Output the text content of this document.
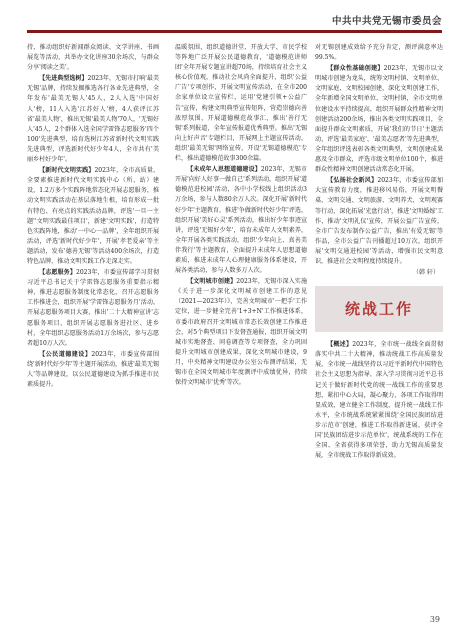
中共中共党无锡市委员会

持，推动组织好新闻群众阅读、文学讲座、书画展览等活动，共举办文化讲座30余场次，与群众分享'阅读之美'。

【先进典型选树】2023年，无锡市打响'最美无锡'品牌，持续发掘推选各行各业先进典型，全年发布'最美无锡人'45人，2人入选'中国好人'榜，11人入选'江苏好人'榜，4人获评江苏省'最美人物'，推出无锡'最美人物'70人，'无锡好人'45人，2个群体入选全国学雷锋志愿服务'四个100'先进典型，培育选树江苏省新时代文明实践先进典型，评选新时代好少年4人，全市共有'美丽乡村好少年'。

【新时代文明实践】2023年，全市高质量、全要素推进新时代文明实践中心（所、站）建设，1.2万多个实践阵地常态化开展志愿服务，推动文明实践活动在基层落地生根，培育形成一批有特色、有亮点的实践活动品牌，评选'一旦一主题''文明实践最佳项目'，新建'文明实践'，打造特色实践阵地，推动'一中心一品牌'，全年组织开展活动，评选'新时代好少年'，开展'孝老爱亲'等主题活动，发布'德善无锡'等活动400余场次，打造特色品牌，推动文明实践工作走深走实。

【志愿服务】2023年，市委宣传部学习贯彻习近平总书记关于学雷锋志愿服务重要指示精神，推进志愿服务制度化常态化，召开志愿服务工作推进会，组织开展'学雷锋志愿服务月'活动，开展志愿服务项目大赛，推出'二十大精神宣讲'志愿服务项目，组织开展志愿服务进社区、进乡村，全年组织志愿服务活动1万余场次，参与志愿者超10万人次。

【公民道德建设】2023年，市委宣传部围绕'新时代好少年'等主题开展活动，推进'最美无锡人'等品牌建设，以公民道德建设为抓手推进市民素质提升。

温暖氛围，组织道德讲堂、开放大学、市民学校等阵地广泛开展公民道德教育，'道德模范讲师团'全年开展专题宣讲超70场，持续培育社会主义核心价值观，推动社会风尚全面提升，组织'公益广告'专项创作，开展文明宣传活动，在全市200余家单位设立宣传栏，运用'党建引领+公益广告'宣传，构建文明典型宣传矩阵，营造崇德向善浓厚氛围，开展道德模范故事汇，推出'善行无锡'系列报道，全年宣传报道优秀典型。推出'无锡向上好声音'专题栏目，开展网上主题宣传活动，组织'最美无锡'网络宣传，开设'无锡道德模范'专栏，推出道德模范故事300余篇。

【未成年人思想道德建设】2023年，无锡市开展'向好人好事一做自己'系列活动，组织开展'道德模范进校园'活动，各中小学校线上组织活动3万余场，参与人数80余万人次。深化开展'新时代好少年'主题教育，推进'争做新时代好少年'评选，组织开展'美好心灵'系列活动，推出好少年事迹宣讲，评选'无锡好少年'，培育未成年人文明素养，全年开展各类实践活动，组织'少年向上、真善美伴我行'等主题教育，全面提升未成年人思想道德素质，推进未成年人心理健康服务体系建设，开展各类活动，参与人数多万人次。

【文明城市创建】2023年，无锡市深入实施《关于进一步深化文明城市创建工作的意见（2021—2023年）》，完善文明城市'一把手'工作定位，进一步健全完善'1+3+N'工作推进体系，市委市政府召开文明城市常态长效创建工作推进会，对5个典型项目下发督查通报，组织开展文明城市实地督查、问卷调查等专项督查，全力巩固提升文明城市创建成果，深化文明城市建设，9月，中央精神文明建设办公室公布测评结果，无锡市在全国文明城市年度测评中成绩优异，持续保持文明城市'优秀'等次。

对无锡创建成效给予充分肯定，测评满意率达99.5%。

【群众性基础创建】2023年，无锡市以文明城市创建为龙头，统筹文明村镇、文明单位、文明家庭、文明校园创建，深化文明创建工作，全年新增全国文明单位、文明村镇，全市文明单位建设水平持续提高，组织开展群众性精神文明创建活动200余场，推出各类文明实践项目，全面提升群众文明素质，开展'我们的节日'主题活动，评选'最美家庭'、'最美志愿者'等先进典型，全年组织评选表彰各类文明典型，文明创建成果惠及全市群众，评选市级文明单位100个，推进群众性精神文明创建活动常态化开展。

【弘扬社会新风】2023年，市委宣传部加大宣传教育力度，推进移风易俗，开展文明餐桌、文明交通、文明旅游、文明养犬、文明观赛等行动，深化拓展'光盘行动'，推进'文明婚嫁'工作，推动'文明礼仪'宣传，开展公益广告宣传，全市广告发布制作公益广告，推出'有爱无锡'等作品，全市公益广告刊播超过10万次，组织开展'文明交通进校园'等活动，增强市民文明意识，推进社会文明程度持续提升。

（韩 轩）

统战工作

【概述】2023年，全市统一战线全面贯彻落实中共二十大精神，推动统战工作高质量发展，全市统一战线坚持以习近平新时代中国特色社会主义思想为指导，深入学习贯彻习近平总书记关于做好新时代党的统一战线工作的重要思想，紧扣中心大局，凝心聚力，各项工作取得明显成效，建立健全工作制度，提升统一战线工作水平，全市统战系统紧紧围绕'全国民族团结进步示范市'创建，推进工作取得新进展，获评全国'民族团结进步示范单位'，统战系统的工作在全国、全省获得多项荣誉，助力无锡高质量发展，全市统战工作取得新成效。

39
